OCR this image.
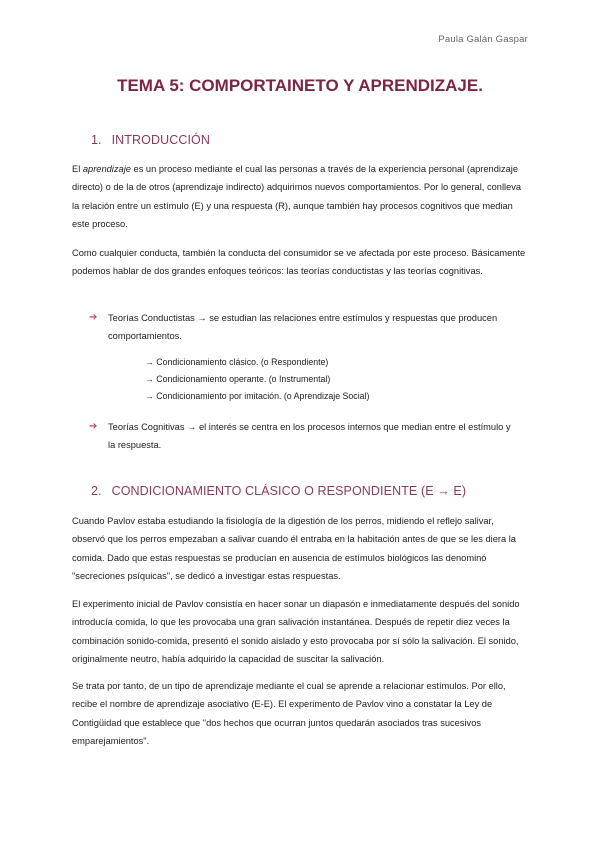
Paula Galán Gaspar
TEMA 5: COMPORTAINETO Y APRENDIZAJE.
1. INTRODUCCIÓN

El aprendizaje es un proceso mediante el cual las personas a través de la experiencia personal (aprendizaje directo) o de la de otros (aprendizaje indirecto) adquirimos nuevos comportamientos. Por lo general, conlleva la relación entre un estímulo (E) y una respuesta (R), aunque también hay procesos cognitivos que median este proceso.

Como cualquier conducta, también la conducta del consumidor se ve afectada por este proceso. Básicamente podemos hablar de dos grandes enfoques teóricos: las teorías conductistas y las teorías cognitivas.

➔ Teorías Conductistas → se estudian las relaciones entre estímulos y respuestas que producen comportamientos.
→ Condicionamiento clásico. (o Respondiente)
→ Condicionamiento operante. (o Instrumental)
→ Condicionamiento por imitación. (o Aprendizaje Social)
➔ Teorías Cognitivas → el interés se centra en los procesos internos que median entre el estímulo y la respuesta.
2. CONDICIONAMIENTO CLÁSICO O RESPONDIENTE (E → E)

Cuando Pavlov estaba estudiando la fisiología de la digestión de los perros, midiendo el reflejo salivar, observó que los perros empezaban a salivar cuando él entraba en la habitación antes de que se les diera la comida. Dado que estas respuestas se producían en ausencia de estímulos biológicos las denominó "secreciones psíquicas", se dedicó a investigar estas respuestas.

El experimento inicial de Pavlov consistía en hacer sonar un diapasón e inmediatamente después del sonido introducía comida, lo que les provocaba una gran salivación instantánea. Después de repetir diez veces la combinación sonido-comida, presentó el sonido aislado y esto provocaba por sí sólo la salivación. El sonido, originalmente neutro, había adquirido la capacidad de suscitar la salivación.

Se trata por tanto, de un tipo de aprendizaje mediante el cual se aprende a relacionar estímulos. Por ello, recibe el nombre de aprendizaje asociativo (E-E). El experimento de Pavlov vino a constatar la Ley de Contigüidad que establece que "dos hechos que ocurran juntos quedarán asociados tras sucesivos emparejamientos".
